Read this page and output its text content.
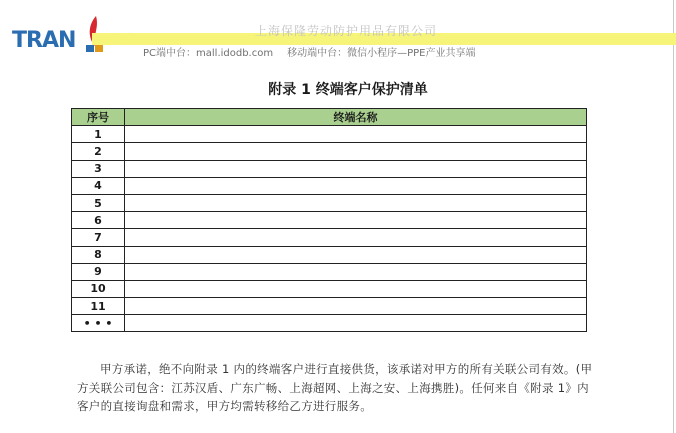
TRAN	上海保隆劳动防护用品有限公司
PC端中台：mall.idodb.com 移动端中台：微信小程序—PPE产业共享端
附录 1 终端客户保护清单
序号	终端名称
1	
2	
3	
4	
5	
6	
7	
8	
9	
10	
11	
• • •	

甲方承诺，绝不向附录 1 内的终端客户进行直接供货，该承诺对甲方的所有关联公司有效。(甲方关联公司包含：江苏汉盾、广东广畅、上海超网、上海之安、上海携胜)。任何来自《附录 1》内客户的直接询盘和需求，甲方均需转移给乙方进行服务。
